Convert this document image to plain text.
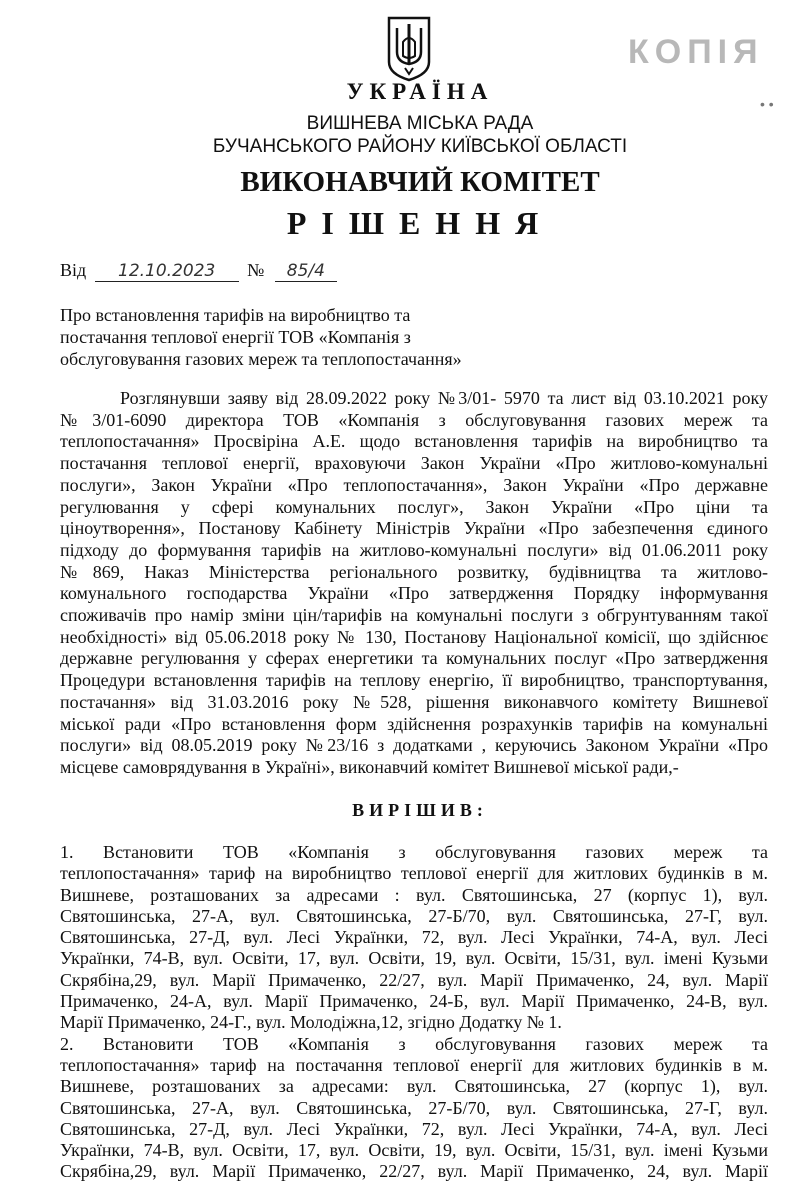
КОПІЯ
• •
УКРАЇНА
ВИШНЕВА МІСЬКА РАДА
БУЧАНСЬКОГО РАЙОНУ КИЇВСЬКОЇ ОБЛАСТІ
ВИКОНАВЧИЙ КОМІТЕТ
РІШЕННЯ
Від 12.10.2023 № 85/4
Про встановлення тарифів на виробництво та
постачання теплової енергії ТОВ «Компанія з
обслуговування газових мереж та теплопостачання»
Розглянувши заяву від 28.09.2022 року №3/01- 5970 та лист від 03.10.2021 року
№3/01-6090 директора ТОВ «Компанія з обслуговування газових мереж та
теплопостачання» Просвіріна А.Е. щодо встановлення тарифів на виробництво та
постачання теплової енергії, враховуючи Закон України «Про житлово-комунальні
послуги», Закон України «Про теплопостачання», Закон України «Про державне
регулювання у сфері комунальних послуг», Закон України «Про ціни та
ціноутворення», Постанову Кабінету Міністрів України «Про забезпечення єдиного
підходу до формування тарифів на житлово-комунальні послуги» від 01.06.2011 року
№869, Наказ Міністерства регіонального розвитку, будівництва та житлово-
комунального господарства України «Про затвердження Порядку інформування
споживачів про намір зміни цін/тарифів на комунальні послуги з обгрунтуванням такої
необхідності» від 05.06.2018 року № 130, Постанову Національної комісії, що здійснює
державне регулювання у сферах енергетики та комунальних послуг «Про затвердження
Процедури встановлення тарифів на теплову енергію, її виробництво, транспортування,
постачання» від 31.03.2016 року №528, рішення виконавчого комітету Вишневої
міської ради «Про встановлення форм здійснення розрахунків тарифів на комунальні
послуги» від 08.05.2019 року №23/16 з додатками , керуючись Законом України «Про
місцеве самоврядування в Україні», виконавчий комітет Вишневої міської ради,-
ВИРІШИВ:
1. Встановити ТОВ «Компанія з обслуговування газових мереж та
теплопостачання» тариф на виробництво теплової енергії для житлових будинків в м.
Вишневе, розташованих за адресами : вул. Святошинська, 27 (корпус 1), вул.
Святошинська, 27-А, вул. Святошинська, 27-Б/70, вул. Святошинська, 27-Г, вул.
Святошинська, 27-Д, вул. Лесі Українки, 72, вул. Лесі Українки, 74-А, вул. Лесі
Українки, 74-В, вул. Освіти, 17, вул. Освіти, 19, вул. Освіти, 15/31, вул. імені Кузьми
Скрябіна,29, вул. Марії Примаченко, 22/27, вул. Марії Примаченко, 24, вул. Марії
Примаченко, 24-А, вул. Марії Примаченко, 24-Б, вул. Марії Примаченко, 24-В, вул.
Марії Примаченко, 24-Г., вул. Молодіжна,12, згідно Додатку № 1.
2. Встановити ТОВ «Компанія з обслуговування газових мереж та
теплопостачання» тариф на постачання теплової енергії для житлових будинків в м.
Вишневе, розташованих за адресами: вул. Святошинська, 27 (корпус 1), вул.
Святошинська, 27-А, вул. Святошинська, 27-Б/70, вул. Святошинська, 27-Г, вул.
Святошинська, 27-Д, вул. Лесі Українки, 72, вул. Лесі Українки, 74-А, вул. Лесі
Українки, 74-В, вул. Освіти, 17, вул. Освіти, 19, вул. Освіти, 15/31, вул. імені Кузьми
Скрябіна,29, вул. Марії Примаченко, 22/27, вул. Марії Примаченко, 24, вул. Марії
